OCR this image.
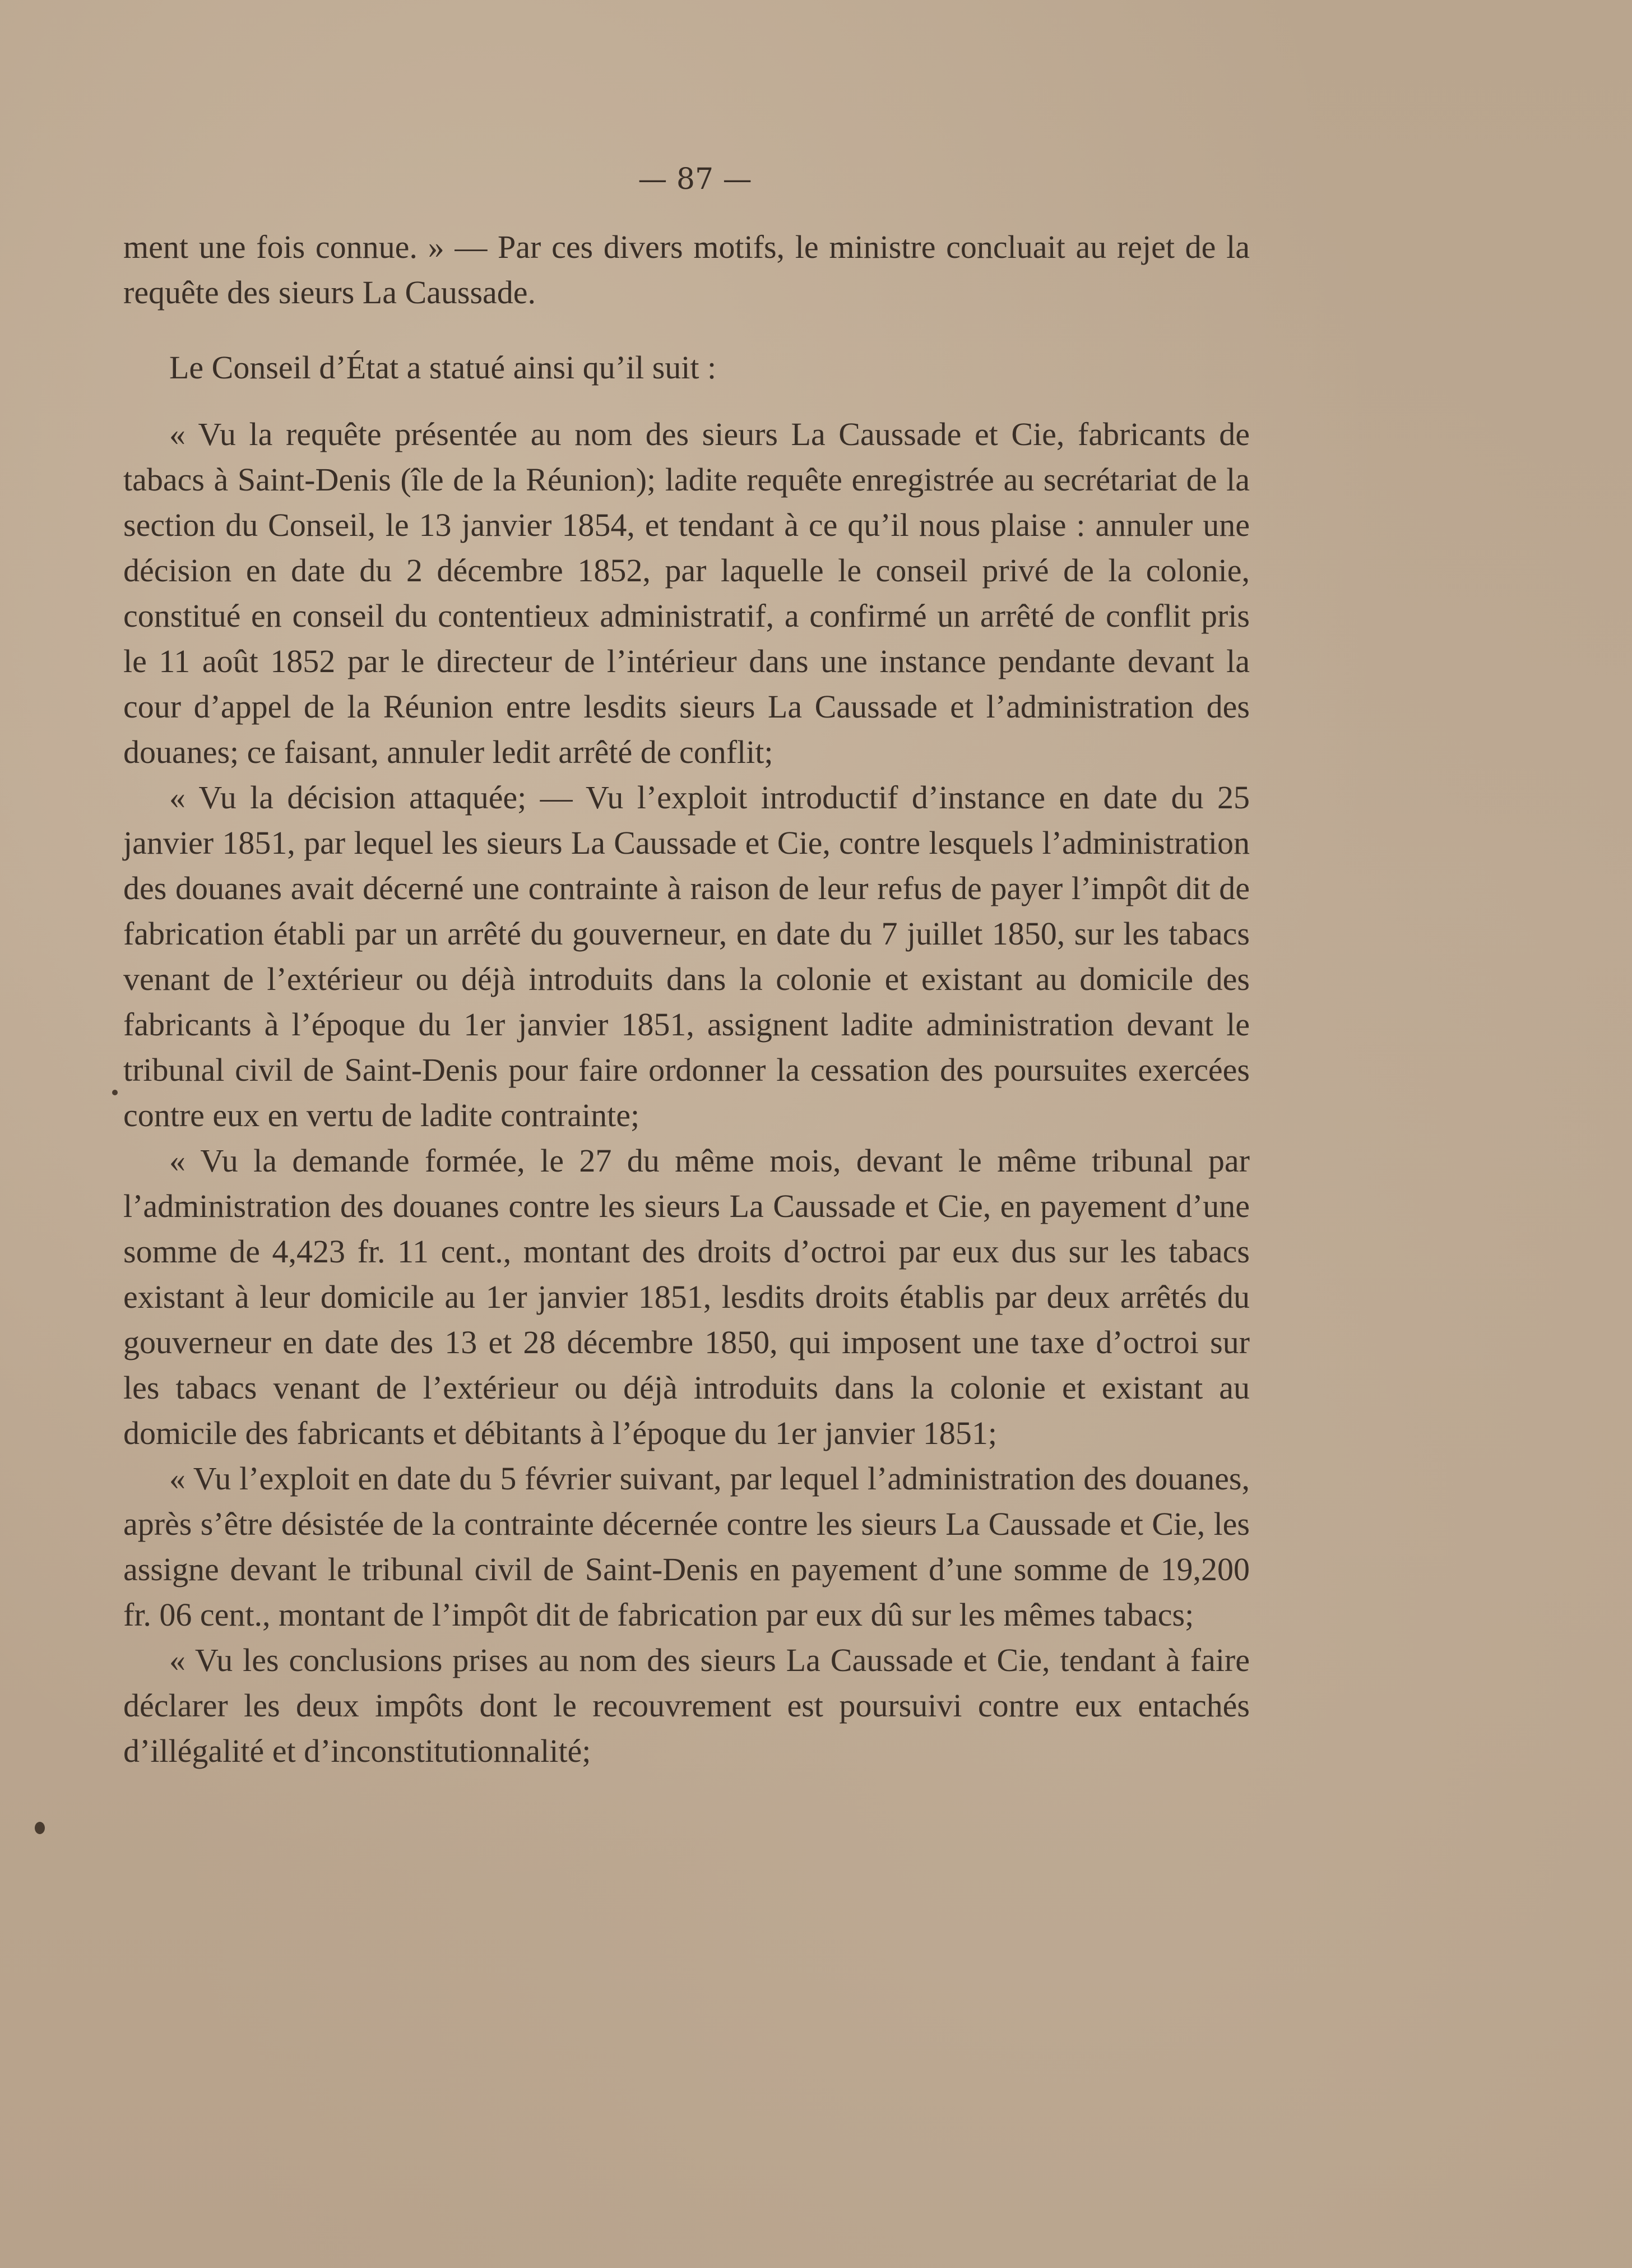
— 87 —

ment une fois connue. » — Par ces divers motifs, le ministre concluait au rejet de la requête des sieurs La Caussade.

Le Conseil d’État a statué ainsi qu’il suit :

« Vu la requête présentée au nom des sieurs La Caussade et Cie, fabricants de tabacs à Saint-Denis (île de la Réunion); ladite requête enregistrée au secrétariat de la section du Conseil, le 13 janvier 1854, et tendant à ce qu’il nous plaise : annuler une décision en date du 2 décembre 1852, par laquelle le conseil privé de la colonie, constitué en conseil du contentieux administratif, a confirmé un arrêté de conflit pris le 11 août 1852 par le directeur de l’intérieur dans une instance pendante devant la cour d’appel de la Réunion entre lesdits sieurs La Caussade et l’administration des douanes; ce faisant, annuler ledit arrêté de conflit;

« Vu la décision attaquée; — Vu l’exploit introductif d’instance en date du 25 janvier 1851, par lequel les sieurs La Caussade et Cie, contre lesquels l’administration des douanes avait décerné une contrainte à raison de leur refus de payer l’impôt dit de fabrication établi par un arrêté du gouverneur, en date du 7 juillet 1850, sur les tabacs venant de l’extérieur ou déjà introduits dans la colonie et existant au domicile des fabricants à l’époque du 1er janvier 1851, assignent ladite administration devant le tribunal civil de Saint-Denis pour faire ordonner la cessation des poursuites exercées contre eux en vertu de ladite contrainte;

« Vu la demande formée, le 27 du même mois, devant le même tribunal par l’administration des douanes contre les sieurs La Caussade et Cie, en payement d’une somme de 4,423 fr. 11 cent., montant des droits d’octroi par eux dus sur les tabacs existant à leur domicile au 1er janvier 1851, lesdits droits établis par deux arrêtés du gouverneur en date des 13 et 28 décembre 1850, qui imposent une taxe d’octroi sur les tabacs venant de l’extérieur ou déjà introduits dans la colonie et existant au domicile des fabricants et débitants à l’époque du 1er janvier 1851;

« Vu l’exploit en date du 5 février suivant, par lequel l’administration des douanes, après s’être désistée de la contrainte décernée contre les sieurs La Caussade et Cie, les assigne devant le tribunal civil de Saint-Denis en payement d’une somme de 19,200 fr. 06 cent., montant de l’impôt dit de fabrication par eux dû sur les mêmes tabacs;

« Vu les conclusions prises au nom des sieurs La Caussade et Cie, tendant à faire déclarer les deux impôts dont le recouvrement est poursuivi contre eux entachés d’illégalité et d’inconstitutionnalité;
